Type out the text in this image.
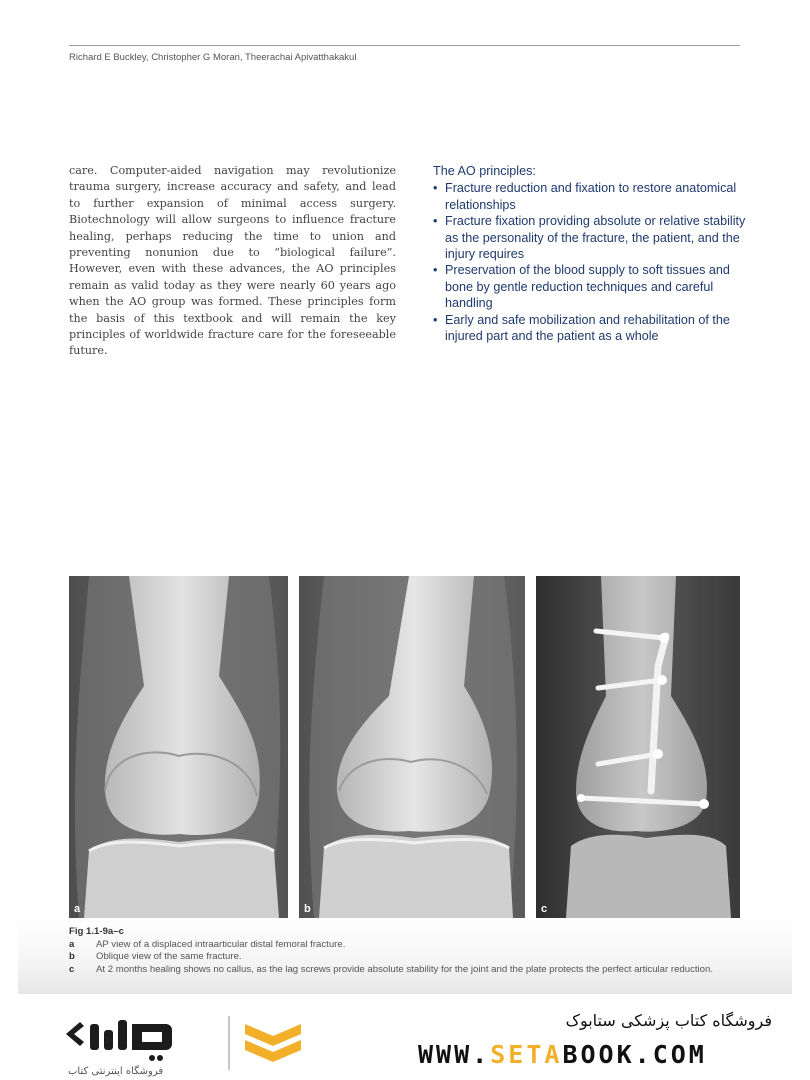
Richard E Buckley, Christopher G Moran, Theerachai Apivatthakakul

care. Computer-aided navigation may revolutionize trauma surgery, increase accuracy and safety, and lead to further expansion of minimal access surgery. Biotechnology will allow surgeons to influence fracture healing, perhaps reducing the time to union and preventing nonunion due to “biological failure”. However, even with these advances, the AO principles remain as valid today as they were nearly 60 years ago when the AO group was formed. These principles form the basis of this textbook and will remain the key principles of worldwide fracture care for the foreseeable future.

The AO principles:

• Fracture reduction and fixation to restore anatomical relationships
• Fracture fixation providing absolute or relative stability as the personality of the fracture, the patient, and the injury requires
• Preservation of the blood supply to soft tissues and bone by gentle reduction techniques and careful handling
• Early and safe mobilization and rehabilitation of the injured part and the patient as a whole
a	b	c
Fig 1.1-9a–c
a	AP view of a displaced intraarticular distal femoral fracture.
b	Oblique view of the same fracture.
c	At 2 months healing shows no callus, as the lag screws provide absolute stability for the joint and the plate protects the perfect articular reduction.
فروشگاه اینترنتی کتاب
فروشگاه کتاب پزشکی ستابوک
WWW.SETABOOK.COM
